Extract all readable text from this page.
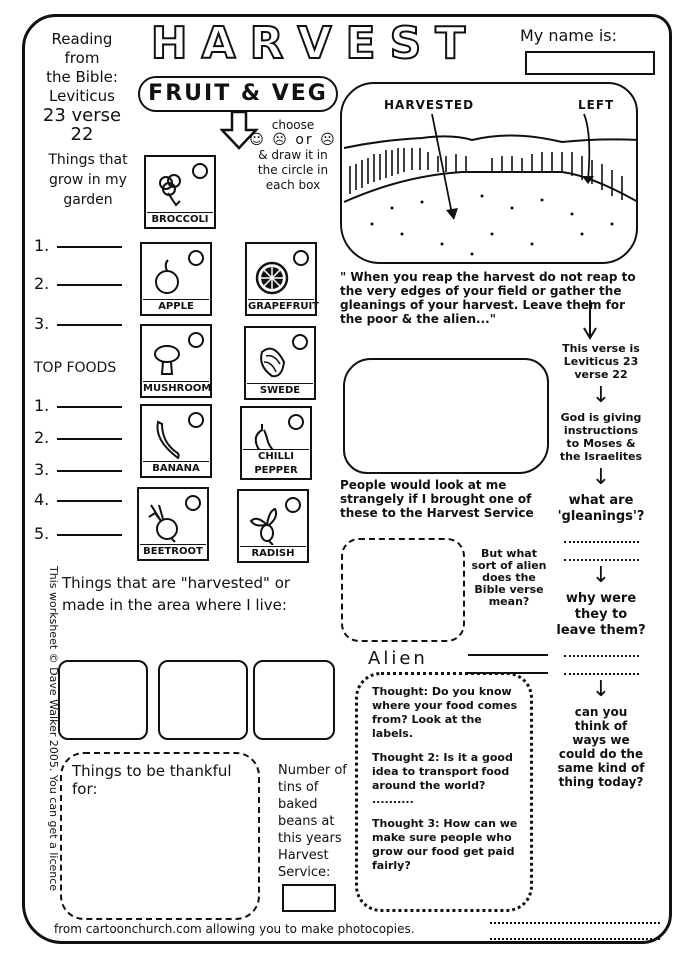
Reading
from
the Bible:
Leviticus
23 verse 22
HARVEST	My name is:
FRUIT & VEG
choose
☺ ☹ or ☹
& draw it in the circle in each box
Things that grow in my garden
1.
2.
3.
TOP FOODS
1.
2.
3.
4.
5.
BROCCOLI
APPLE	GRAPEFRUIT
MUSHROOM	SWEDE
BANANA
CHILLI PEPPER
BEETROOT	RADISH
HARVESTED	LEFT
" When you reap the harvest do not reap to the very edges of your field or gather the gleanings of your harvest. Leave them for the poor & the alien..."
This verse is Leviticus 23 verse 22
↓
God is giving instructions to Moses & the Israelites
↓
what are 'gleanings'?
↓
why were they to leave them?
↓
can you think of ways we could do the same kind of thing today?
People would look at me strangely if I brought one of these to the Harvest Service
Alien
But what sort of alien does the Bible verse mean?

Thought: Do you know where your food comes from? Look at the labels.

Thought 2: Is it a good idea to transport food around the world? ..........

Thought 3: How can we make sure people who grow our food get paid fairly?

Things that are "harvested" or made in the area where I live:
Things to be thankful for:
Number of tins of baked beans at this years Harvest Service:
This worksheet © Dave Walker 2005. You can get a licence
from cartoonchurch.com allowing you to make photocopies.
